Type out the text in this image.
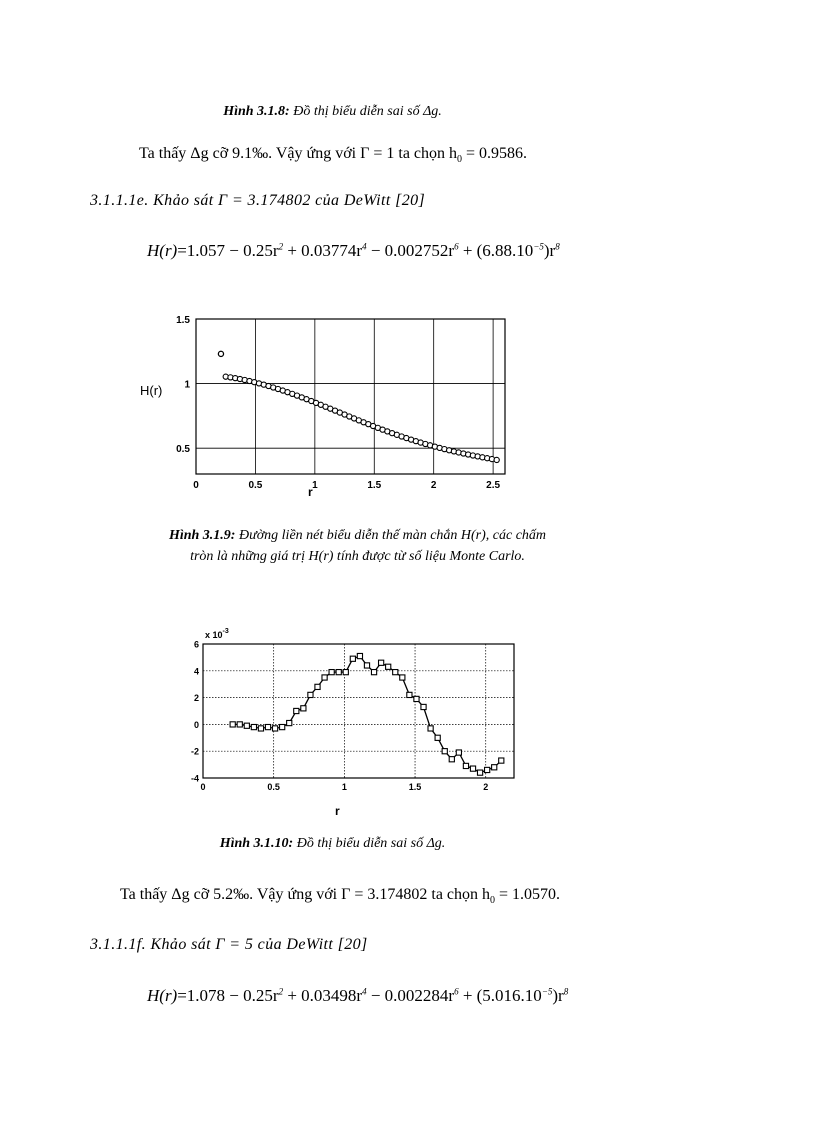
Hình 3.1.8: Đồ thị biểu diễn sai số Δg.
Ta thấy Δg cỡ 9.1‰. Vậy ứng với Γ = 1 ta chọn $h_0 = 0.9586$.
3.1.1.1e. Khảo sát Γ = 3.174802 của DeWitt [20]
$H(r)=1.057 - 0.25r^2 + 0.03774r^4 - 0.002752r^6 + (6.88.10^{-5})r^8$
0	0.5	1	1.5	2	2.5
0.5
1
1.5
H(r)
r
Hình 3.1.9: Đường liền nét biểu diễn thế màn chắn H(r), các chấm
tròn là những giá trị H(r) tính được từ số liệu Monte Carlo.
0	0.5	1	1.5	2
-4
-2
0
2
4
6
x $10^{-3}$
r
Hình 3.1.10: Đồ thị biểu diễn sai số Δg.
Ta thấy Δg cỡ 5.2‰. Vậy ứng với Γ = 3.174802 ta chọn $h_0 = 1.0570$.
3.1.1.1f. Khảo sát Γ = 5 của DeWitt [20]
$H(r)=1.078 - 0.25r^2 + 0.03498r^4 - 0.002284r^6 + (5.016.10^{-5})r^8$
